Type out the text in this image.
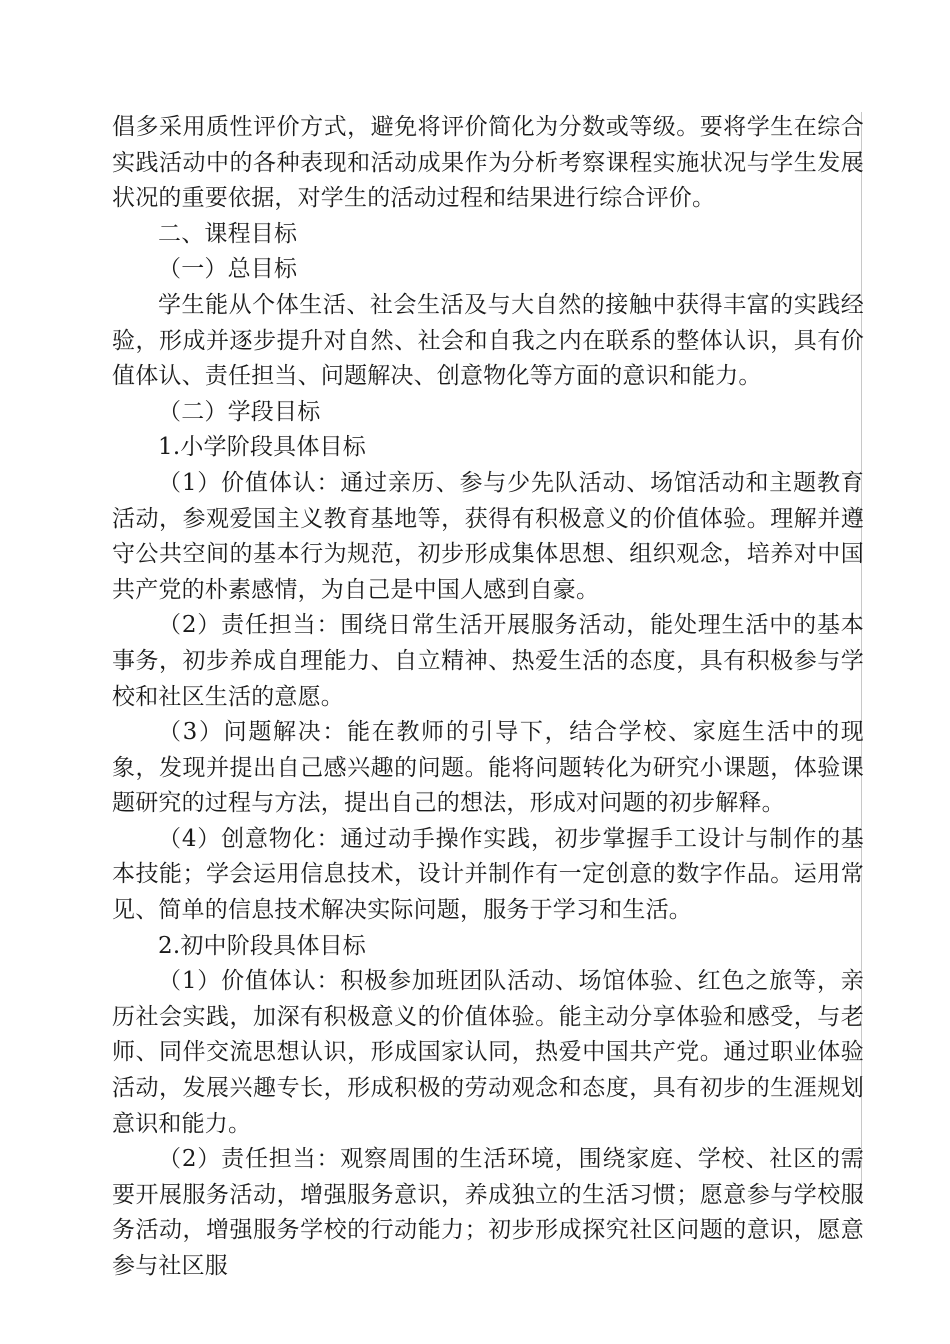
倡多采用质性评价方式，避免将评价简化为分数或等级。要将学生在综合实践活动中的各种表现和活动成果作为分析考察课程实施状况与学生发展状况的重要依据，对学生的活动过程和结果进行综合评价。

二、课程目标

（一）总目标

学生能从个体生活、社会生活及与大自然的接触中获得丰富的实践经验，形成并逐步提升对自然、社会和自我之内在联系的整体认识，具有价值体认、责任担当、问题解决、创意物化等方面的意识和能力。

（二）学段目标

1.小学阶段具体目标

（1）价值体认：通过亲历、参与少先队活动、场馆活动和主题教育活动，参观爱国主义教育基地等，获得有积极意义的价值体验。理解并遵守公共空间的基本行为规范，初步形成集体思想、组织观念，培养对中国共产党的朴素感情，为自己是中国人感到自豪。

（2）责任担当：围绕日常生活开展服务活动，能处理生活中的基本事务，初步养成自理能力、自立精神、热爱生活的态度，具有积极参与学校和社区生活的意愿。

（3）问题解决：能在教师的引导下，结合学校、家庭生活中的现象，发现并提出自己感兴趣的问题。能将问题转化为研究小课题，体验课题研究的过程与方法，提出自己的想法，形成对问题的初步解释。

（4）创意物化：通过动手操作实践，初步掌握手工设计与制作的基本技能；学会运用信息技术，设计并制作有一定创意的数字作品。运用常见、简单的信息技术解决实际问题，服务于学习和生活。

2.初中阶段具体目标

（1）价值体认：积极参加班团队活动、场馆体验、红色之旅等，亲历社会实践，加深有积极意义的价值体验。能主动分享体验和感受，与老师、同伴交流思想认识，形成国家认同，热爱中国共产党。通过职业体验活动，发展兴趣专长，形成积极的劳动观念和态度，具有初步的生涯规划意识和能力。

（2）责任担当：观察周围的生活环境，围绕家庭、学校、社区的需要开展服务活动，增强服务意识，养成独立的生活习惯；愿意参与学校服务活动，增强服务学校的行动能力；初步形成探究社区问题的意识，愿意参与社区服
